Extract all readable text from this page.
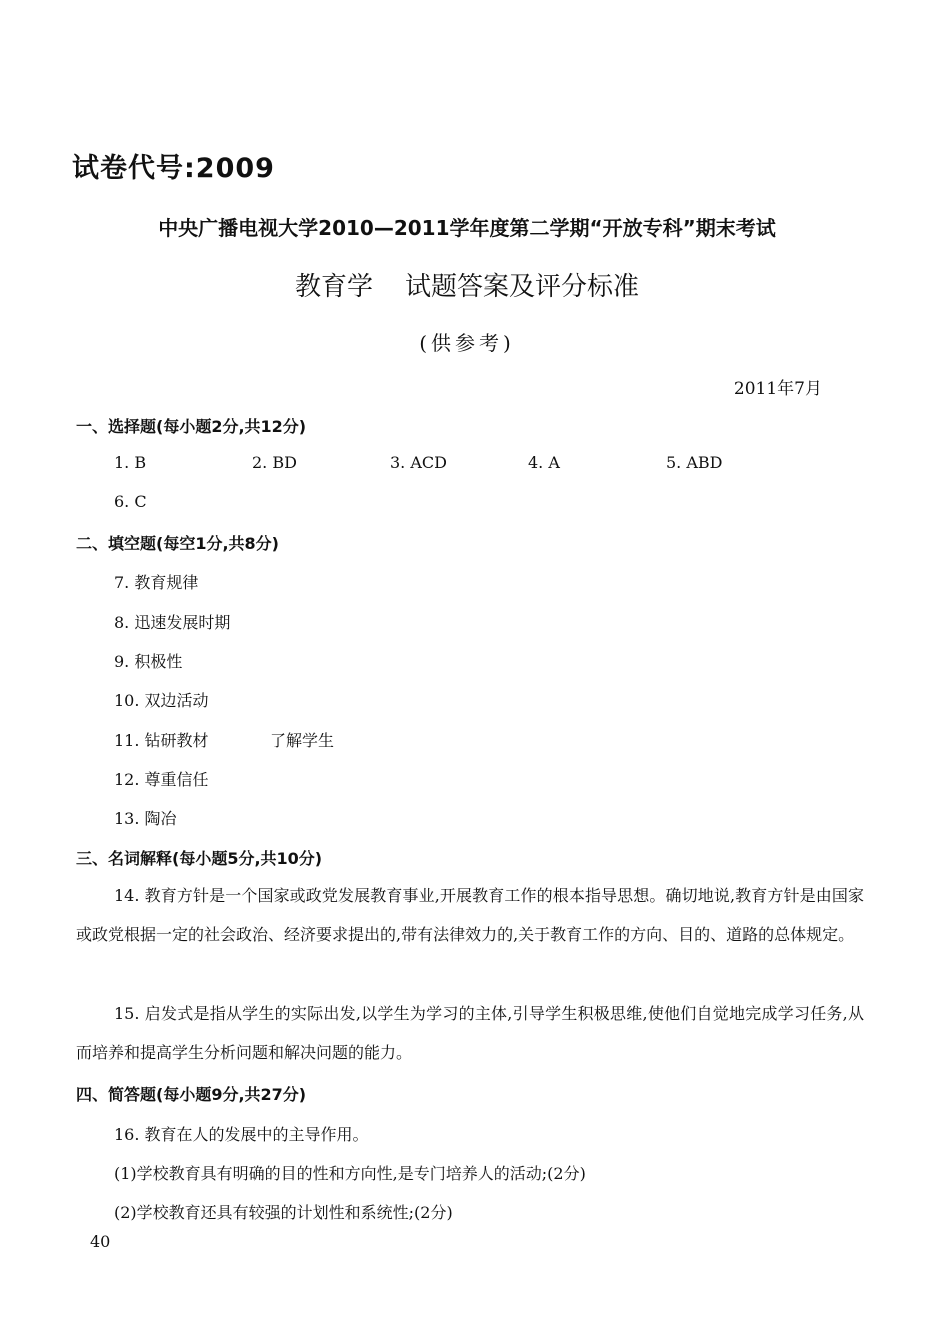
试卷代号:2009
中央广播电视大学2010—2011学年度第二学期“开放专科”期末考试
教育学 试题答案及评分标准
(供参考)
2011年7月
一、选择题(每小题2分,共12分)
1. B	2. BD	3. ACD	4. A	5. ABD
6. C
二、填空题(每空1分,共8分)
7. 教育规律
8. 迅速发展时期
9. 积极性
10. 双边活动
11. 钻研教材	了解学生
12. 尊重信任
13. 陶冶
三、名词解释(每小题5分,共10分)
14. 教育方针是一个国家或政党发展教育事业,开展教育工作的根本指导思想。确切地说,教育方针是由国家或政党根据一定的社会政治、经济要求提出的,带有法律效力的,关于教育工作的方向、目的、道路的总体规定。
15. 启发式是指从学生的实际出发,以学生为学习的主体,引导学生积极思维,使他们自觉地完成学习任务,从而培养和提高学生分析问题和解决问题的能力。
四、简答题(每小题9分,共27分)
16. 教育在人的发展中的主导作用。
(1)学校教育具有明确的目的性和方向性,是专门培养人的活动;(2分)
(2)学校教育还具有较强的计划性和系统性;(2分)
40
